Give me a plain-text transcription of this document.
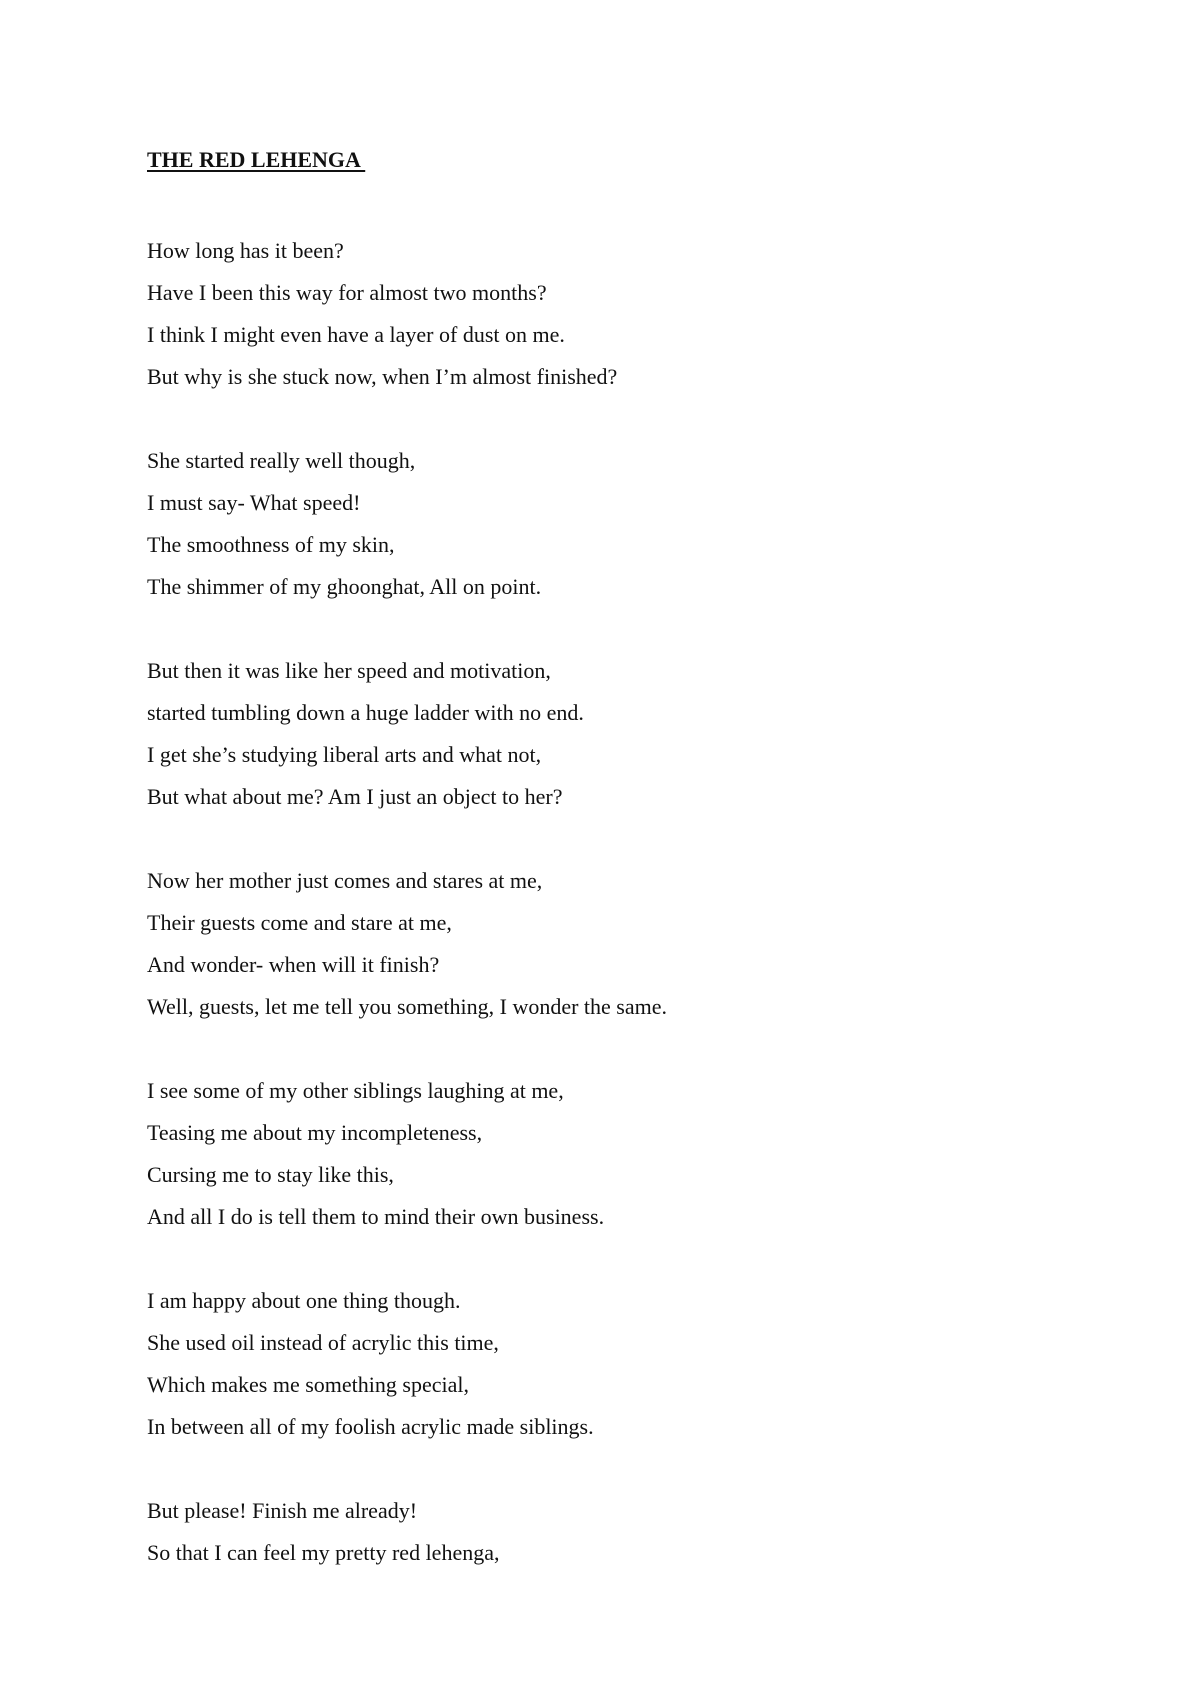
THE RED LEHENGA
How long has it been?
Have I been this way for almost two months?
I think I might even have a layer of dust on me.
But why is she stuck now, when I’m almost finished?
She started really well though,
I must say- What speed!
The smoothness of my skin,
The shimmer of my ghoonghat, All on point.
But then it was like her speed and motivation,
started tumbling down a huge ladder with no end.
I get she’s studying liberal arts and what not,
But what about me? Am I just an object to her?
Now her mother just comes and stares at me,
Their guests come and stare at me,
And wonder- when will it finish?
Well, guests, let me tell you something, I wonder the same.
I see some of my other siblings laughing at me,
Teasing me about my incompleteness,
Cursing me to stay like this,
And all I do is tell them to mind their own business.
I am happy about one thing though.
She used oil instead of acrylic this time,
Which makes me something special,
In between all of my foolish acrylic made siblings.
But please! Finish me already!
So that I can feel my pretty red lehenga,
